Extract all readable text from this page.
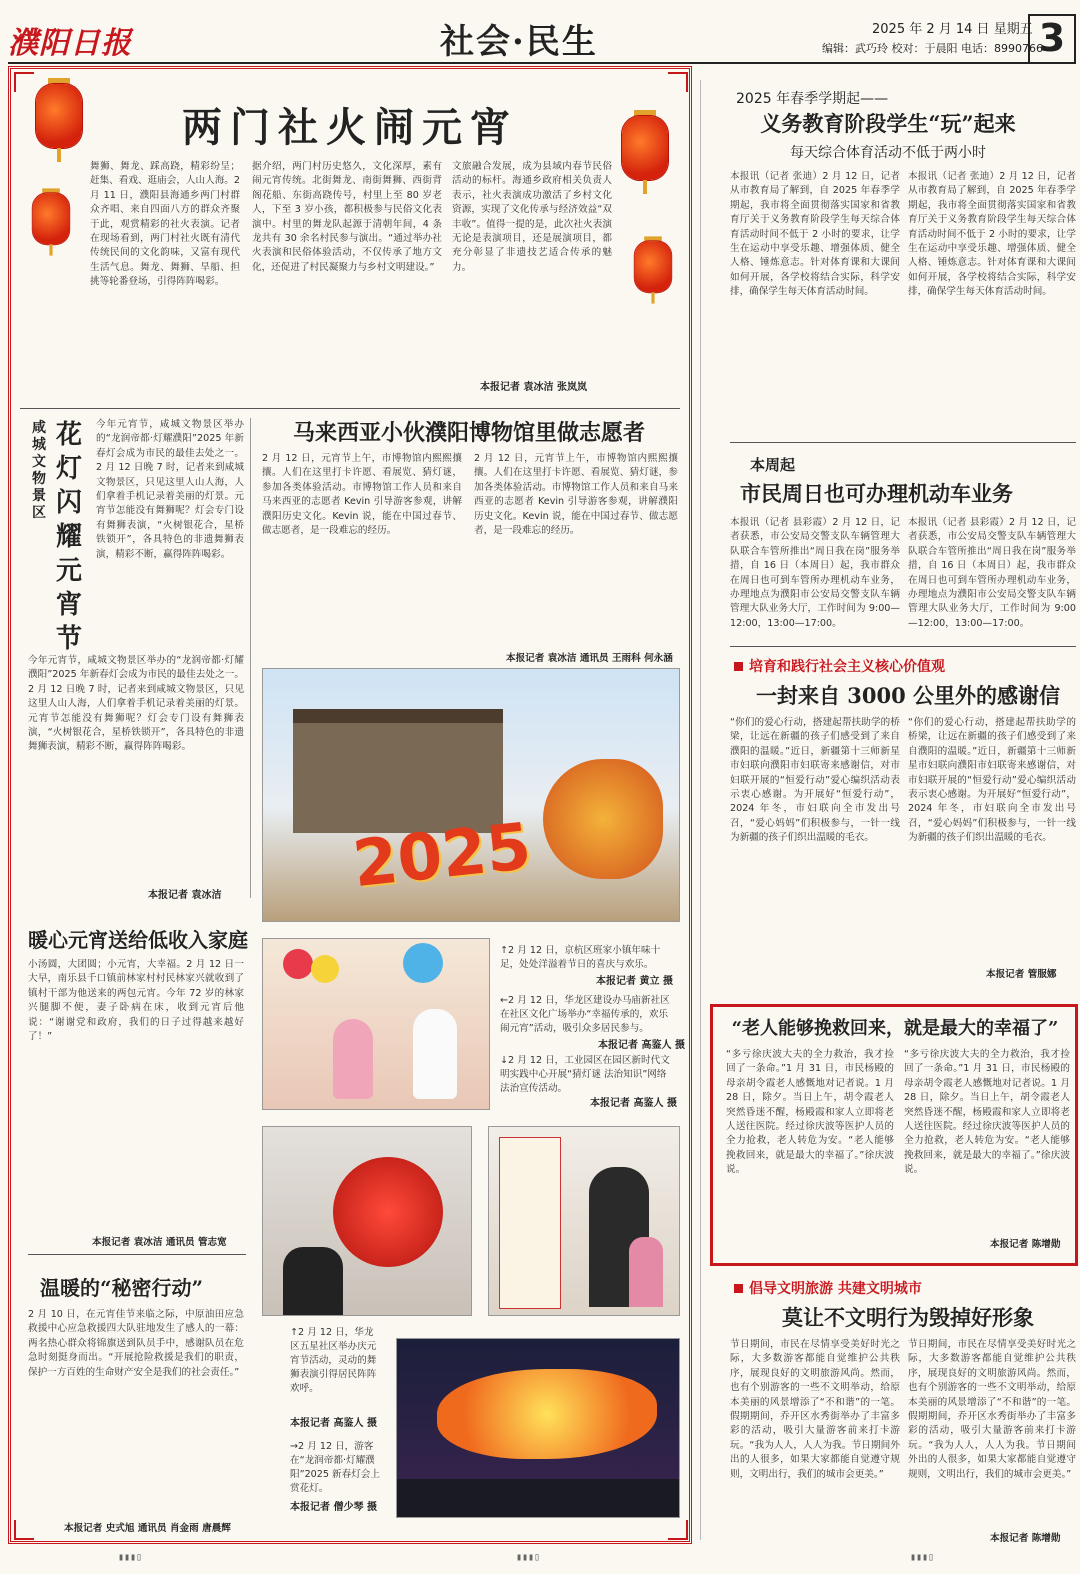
濮阳日报	社会·民生	2025 年 2 月 14 日 星期五
编辑：武巧玲 校对：于晨阳 电话：8990766
3
两门社火闹元宵
舞狮、舞龙、踩高跷，精彩纷呈；赶集、看戏、逛庙会，人山人海。2 月 11 日，濮阳县海通乡两门村群众齐唱、来自四面八方的群众齐聚于此，观赏精彩的社火表演。记者在现场看到，两门村社火既有清代传统民间的文化韵味，又富有现代生活气息。舞龙、舞狮、旱船、担挑等轮番登场，引得阵阵喝彩。
据介绍，两门村历史悠久，文化深厚，素有闹元宵传统。北街舞龙、南街舞狮、西街背阁花船、东街高跷传号，村里上至 80 岁老人，下至 3 岁小孩，都积极参与民俗文化表演中。村里的舞龙队起源于清朝年间，4 条龙共有 30 余名村民参与演出。“通过举办社火表演和民俗体验活动，不仅传承了地方文化，还促进了村民凝聚力与乡村文明建设。”
文旅融合发展，成为县域内春节民俗活动的标杆。海通乡政府相关负责人表示，社火表演成功激活了乡村文化资源，实现了文化传承与经济效益“双丰收”。值得一提的是，此次社火表演无论是表演项目，还是展演项目，都充分彰显了非遗技艺适合传承的魅力。
本报记者 袁冰洁 张岚岚
咸城文物景区
花灯闪耀元宵节
今年元宵节，咸城文物景区举办的“龙润帝都·灯耀濮阳”2025 年新春灯会成为市民的最佳去处之一。2 月 12 日晚 7 时，记者来到咸城文物景区，只见这里人山人海，人们拿着手机记录着美丽的灯景。元宵节怎能没有舞狮呢？灯会专门设有舞狮表演，“火树银花合，星桥铁锁开”，各具特色的非遗舞狮表演，精彩不断，赢得阵阵喝彩。
今年元宵节，咸城文物景区举办的“龙润帝都·灯耀濮阳”2025 年新春灯会成为市民的最佳去处之一。2 月 12 日晚 7 时，记者来到咸城文物景区，只见这里人山人海，人们拿着手机记录着美丽的灯景。元宵节怎能没有舞狮呢？灯会专门设有舞狮表演，“火树银花合，星桥铁锁开”，各具特色的非遗舞狮表演，精彩不断，赢得阵阵喝彩。
本报记者 袁冰洁
马来西亚小伙濮阳博物馆里做志愿者
2 月 12 日，元宵节上午，市博物馆内熙熙攘攘。人们在这里打卡许愿、看展览、猜灯谜，参加各类体验活动。市博物馆工作人员和来自马来西亚的志愿者 Kevin 引导游客参观，讲解濮阳历史文化。Kevin 说，能在中国过春节、做志愿者，是一段难忘的经历。
2 月 12 日，元宵节上午，市博物馆内熙熙攘攘。人们在这里打卡许愿、看展览、猜灯谜，参加各类体验活动。市博物馆工作人员和来自马来西亚的志愿者 Kevin 引导游客参观，讲解濮阳历史文化。Kevin 说，能在中国过春节、做志愿者，是一段难忘的经历。
本报记者 袁冰洁 通讯员 王雨科 何永涵
2025
↑2 月 12 日，京杭区班家小镇年味十足，处处洋溢着节日的喜庆与欢乐。
本报记者 黄立 摄
←2 月 12 日，华龙区建设办马庙新社区在社区文化广场举办“幸福传承的，欢乐闹元宵”活动，吸引众多居民参与。
本报记者 高鉴人 摄
↓2 月 12 日，工业园区在园区新时代文明实践中心开展“猜灯谜 法治知识”网络法治宣传活动。
本报记者 高鉴人 摄
↑2 月 12 日，华龙区五星社区举办庆元宵节活动，灵动的舞狮表演引得居民阵阵欢呼。
本报记者 高鉴人 摄
→2 月 12 日，游客在“龙润帝都·灯耀濮阳”2025 新春灯会上赏花灯。
本报记者 僧少琴 摄
暖心元宵送给低收入家庭
小汤圆，大团圆；小元宵，大幸福。2 月 12 日一大早，南乐县千口镇前林家村村民林家兴就收到了镇村干部为他送来的两包元宵。今年 72 岁的林家兴腿脚不便，妻子卧病在床，收到元宵后他说：“谢谢党和政府，我们的日子过得越来越好了！”
本报记者 袁冰洁 通讯员 管志宽
温暖的“秘密行动”
2 月 10 日，在元宵佳节来临之际，中原油田应急救援中心应急救援四大队驻地发生了感人的一幕：两名热心群众将锦旗送到队员手中，感谢队员在危急时刻挺身而出。“开展抢险救援是我们的职责，保护一方百姓的生命财产安全是我们的社会责任。”
本报记者 史式旭 通讯员 肖金雨 唐晨辉
2025 年春季学期起——
义务教育阶段学生“玩”起来
每天综合体育活动不低于两小时
本报讯（记者 张迪）2 月 12 日，记者从市教育局了解到，自 2025 年春季学期起，我市将全面贯彻落实国家和省教育厅关于义务教育阶段学生每天综合体育活动时间不低于 2 小时的要求，让学生在运动中享受乐趣、增强体质、健全人格、锤炼意志。针对体育课和大课间如何开展，各学校将结合实际，科学安排，确保学生每天体育活动时间。
本报讯（记者 张迪）2 月 12 日，记者从市教育局了解到，自 2025 年春季学期起，我市将全面贯彻落实国家和省教育厅关于义务教育阶段学生每天综合体育活动时间不低于 2 小时的要求，让学生在运动中享受乐趣、增强体质、健全人格、锤炼意志。针对体育课和大课间如何开展，各学校将结合实际，科学安排，确保学生每天体育活动时间。
本周起
市民周日也可办理机动车业务
本报讯（记者 县彩霞）2 月 12 日，记者获悉，市公安局交警支队车辆管理大队联合车管所推出“周日我在岗”服务举措，自 16 日（本周日）起，我市群众在周日也可到车管所办理机动车业务，办理地点为濮阳市公安局交警支队车辆管理大队业务大厅，工作时间为 9:00—12:00，13:00—17:00。
本报讯（记者 县彩霞）2 月 12 日，记者获悉，市公安局交警支队车辆管理大队联合车管所推出“周日我在岗”服务举措，自 16 日（本周日）起，我市群众在周日也可到车管所办理机动车业务，办理地点为濮阳市公安局交警支队车辆管理大队业务大厅，工作时间为 9:00—12:00，13:00—17:00。
培育和践行社会主义核心价值观
一封来自 3000 公里外的感谢信
“你们的爱心行动，搭建起帮扶助学的桥梁，让远在新疆的孩子们感受到了来自濮阳的温暖。”近日，新疆第十三师新星市妇联向濮阳市妇联寄来感谢信，对市妇联开展的“恒爱行动”爱心编织活动表示衷心感谢。为开展好“恒爱行动”，2024 年冬，市妇联向全市发出号召，“爱心妈妈”们积极参与，一针一线为新疆的孩子们织出温暖的毛衣。
“你们的爱心行动，搭建起帮扶助学的桥梁，让远在新疆的孩子们感受到了来自濮阳的温暖。”近日，新疆第十三师新星市妇联向濮阳市妇联寄来感谢信，对市妇联开展的“恒爱行动”爱心编织活动表示衷心感谢。为开展好“恒爱行动”，2024 年冬，市妇联向全市发出号召，“爱心妈妈”们积极参与，一针一线为新疆的孩子们织出温暖的毛衣。
本报记者 管服娜
“老人能够挽救回来，就是最大的幸福了”
“多亏徐庆波大夫的全力救治，我才捡回了一条命。”1 月 31 日，市民杨殿的母亲胡令霞老人感慨地对记者说。1 月 28 日，除夕。当日上午，胡令霞老人突然昏迷不醒，杨殿霞和家人立即将老人送往医院。经过徐庆波等医护人员的全力抢救，老人转危为安。“老人能够挽救回来，就是最大的幸福了。”徐庆波说。
“多亏徐庆波大夫的全力救治，我才捡回了一条命。”1 月 31 日，市民杨殿的母亲胡令霞老人感慨地对记者说。1 月 28 日，除夕。当日上午，胡令霞老人突然昏迷不醒，杨殿霞和家人立即将老人送往医院。经过徐庆波等医护人员的全力抢救，老人转危为安。“老人能够挽救回来，就是最大的幸福了。”徐庆波说。
本报记者 陈增勋
倡导文明旅游 共建文明城市
莫让不文明行为毁掉好形象
节日期间，市民在尽情享受美好时光之际，大多数游客都能自觉维护公共秩序，展现良好的文明旅游风尚。然而，也有个别游客的一些不文明举动，给原本美丽的风景增添了“不和谐”的一笔。假期期间，乔开区水秀街举办了丰富多彩的活动，吸引大量游客前来打卡游玩。“我为人人，人人为我。节日期间外出的人很多，如果大家都能自觉遵守规则，文明出行，我们的城市会更美。”
节日期间，市民在尽情享受美好时光之际，大多数游客都能自觉维护公共秩序，展现良好的文明旅游风尚。然而，也有个别游客的一些不文明举动，给原本美丽的风景增添了“不和谐”的一笔。假期期间，乔开区水秀街举办了丰富多彩的活动，吸引大量游客前来打卡游玩。“我为人人，人人为我。节日期间外出的人很多，如果大家都能自觉遵守规则，文明出行，我们的城市会更美。”
本报记者 陈增勋
▮▮▮▯	▮▮▮▯	▮▮▮▯
